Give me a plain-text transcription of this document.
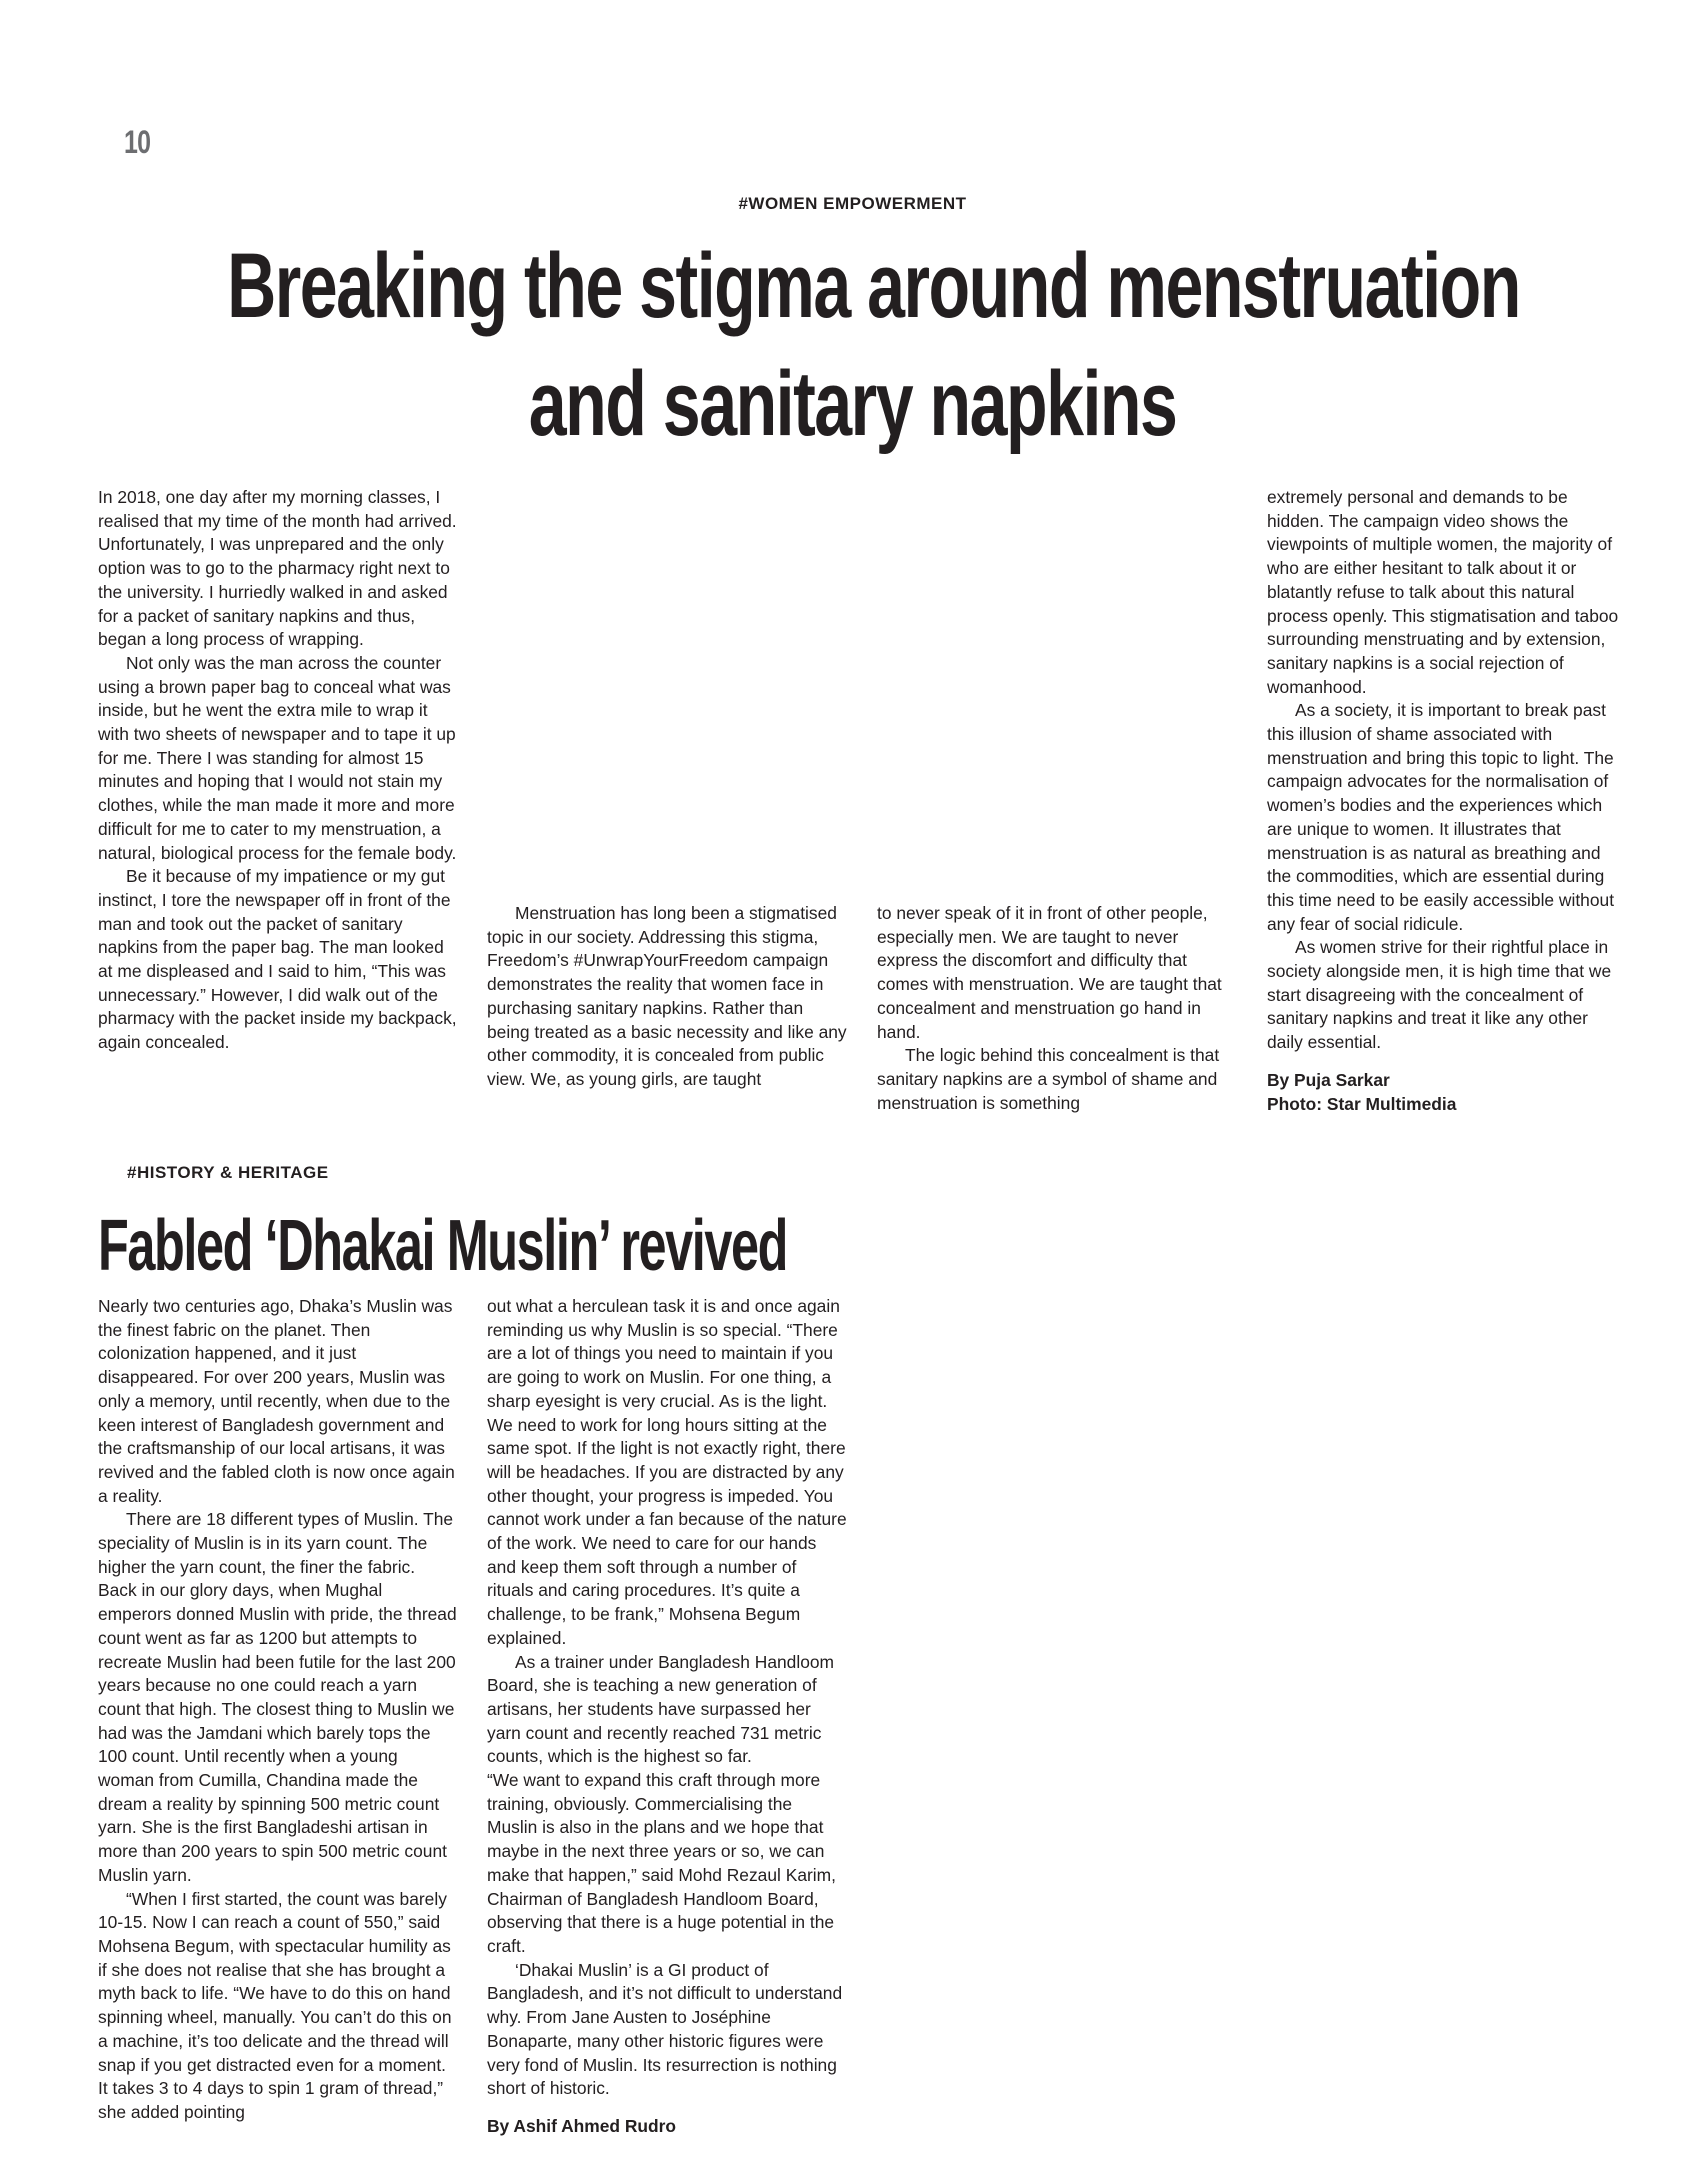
10
#WOMEN EMPOWERMENT
Breaking the stigma around menstruation
and sanitary napkins

In 2018, one day after my morning classes, I realised that my time of the month had arrived. Unfortunately, I was unprepared and the only option was to go to the pharmacy right next to the university. I hurriedly walked in and asked for a packet of sanitary napkins and thus, began a long process of wrapping.

Not only was the man across the counter using a brown paper bag to conceal what was inside, but he went the extra mile to wrap it with two sheets of newspaper and to tape it up for me. There I was standing for almost 15 minutes and hoping that I would not stain my clothes, while the man made it more and more difficult for me to cater to my menstruation, a natural, biological process for the female body.

Be it because of my impatience or my gut instinct, I tore the newspaper off in front of the man and took out the packet of sanitary napkins from the paper bag. The man looked at me displeased and I said to him, “This was unnecessary.” However, I did walk out of the pharmacy with the packet inside my backpack, again concealed.

Menstruation has long been a stigmatised topic in our society. Addressing this stigma, Freedom’s #UnwrapYourFreedom campaign demonstrates the reality that women face in purchasing sanitary napkins. Rather than being treated as a basic necessity and like any other commodity, it is concealed from public view. We, as young girls, are taught

to never speak of it in front of other people, especially men. We are taught to never express the discomfort and difficulty that comes with menstruation. We are taught that concealment and menstruation go hand in hand.

The logic behind this concealment is that sanitary napkins are a symbol of shame and menstruation is something

extremely personal and demands to be hidden. The campaign video shows the viewpoints of multiple women, the majority of who are either hesitant to talk about it or blatantly refuse to talk about this natural process openly. This stigmatisation and taboo surrounding menstruating and by extension, sanitary napkins is a social rejection of womanhood.

As a society, it is important to break past this illusion of shame associated with menstruation and bring this topic to light. The campaign advocates for the normalisation of women’s bodies and the experiences which are unique to women. It illustrates that menstruation is as natural as breathing and the commodities, which are essential during this time need to be easily accessible without any fear of social ridicule.

As women strive for their rightful place in society alongside men, it is high time that we start disagreeing with the concealment of sanitary napkins and treat it like any other daily essential.

By Puja Sarkar
Photo: Star Multimedia
#HISTORY & HERITAGE
Fabled ‘Dhakai Muslin’ revived

Nearly two centuries ago, Dhaka’s Muslin was the finest fabric on the planet. Then colonization happened, and it just disappeared. For over 200 years, Muslin was only a memory, until recently, when due to the keen interest of Bangladesh government and the craftsmanship of our local artisans, it was revived and the fabled cloth is now once again a reality.

There are 18 different types of Muslin. The speciality of Muslin is in its yarn count. The higher the yarn count, the finer the fabric. Back in our glory days, when Mughal emperors donned Muslin with pride, the thread count went as far as 1200 but attempts to recreate Muslin had been futile for the last 200 years because no one could reach a yarn count that high. The closest thing to Muslin we had was the Jamdani which barely tops the 100 count. Until recently when a young woman from Cumilla, Chandina made the dream a reality by spinning 500 metric count yarn. She is the first Bangladeshi artisan in more than 200 years to spin 500 metric count Muslin yarn.

“When I first started, the count was barely 10-15. Now I can reach a count of 550,” said Mohsena Begum, with spectacular humility as if she does not realise that she has brought a myth back to life. “We have to do this on hand spinning wheel, manually. You can’t do this on a machine, it’s too delicate and the thread will snap if you get distracted even for a moment. It takes 3 to 4 days to spin 1 gram of thread,” she added pointing

out what a herculean task it is and once again reminding us why Muslin is so special. “There are a lot of things you need to maintain if you are going to work on Muslin. For one thing, a sharp eyesight is very crucial. As is the light. We need to work for long hours sitting at the same spot. If the light is not exactly right, there will be headaches. If you are distracted by any other thought, your progress is impeded. You cannot work under a fan because of the nature of the work. We need to care for our hands and keep them soft through a number of rituals and caring procedures. It’s quite a challenge, to be frank,” Mohsena Begum explained.

As a trainer under Bangladesh Handloom Board, she is teaching a new generation of artisans, her students have surpassed her yarn count and recently reached 731 metric counts, which is the highest so far.

“We want to expand this craft through more training, obviously. Commercialising the Muslin is also in the plans and we hope that maybe in the next three years or so, we can make that happen,” said Mohd Rezaul Karim, Chairman of Bangladesh Handloom Board, observing that there is a huge potential in the craft.

‘Dhakai Muslin’ is a GI product of Bangladesh, and it’s not difficult to understand why. From Jane Austen to Joséphine Bonaparte, many other historic figures were very fond of Muslin. Its resurrection is nothing short of historic.

By Ashif Ahmed Rudro
